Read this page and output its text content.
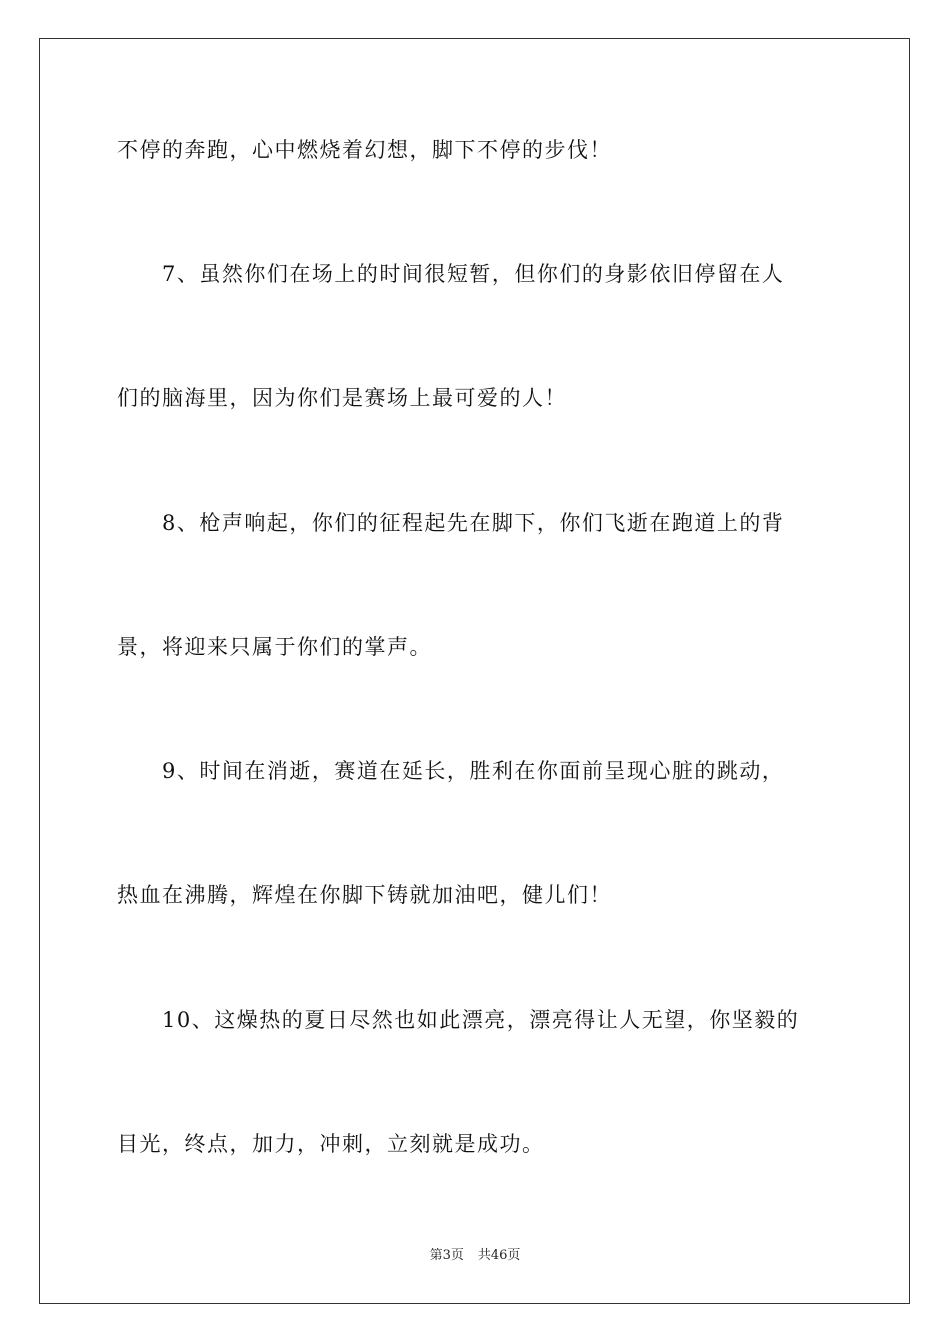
不停的奔跑，心中燃烧着幻想，脚下不停的步伐！
7、虽然你们在场上的时间很短暂，但你们的身影依旧停留在人
们的脑海里，因为你们是赛场上最可爱的人！
8、枪声响起，你们的征程起先在脚下，你们飞逝在跑道上的背
景，将迎来只属于你们的掌声。
9、时间在消逝，赛道在延长，胜利在你面前呈现心脏的跳动，
热血在沸腾，辉煌在你脚下铸就加油吧，健儿们！
10、这燥热的夏日尽然也如此漂亮，漂亮得让人无望，你坚毅的
目光，终点，加力，冲刺，立刻就是成功。
第3页 共46页
